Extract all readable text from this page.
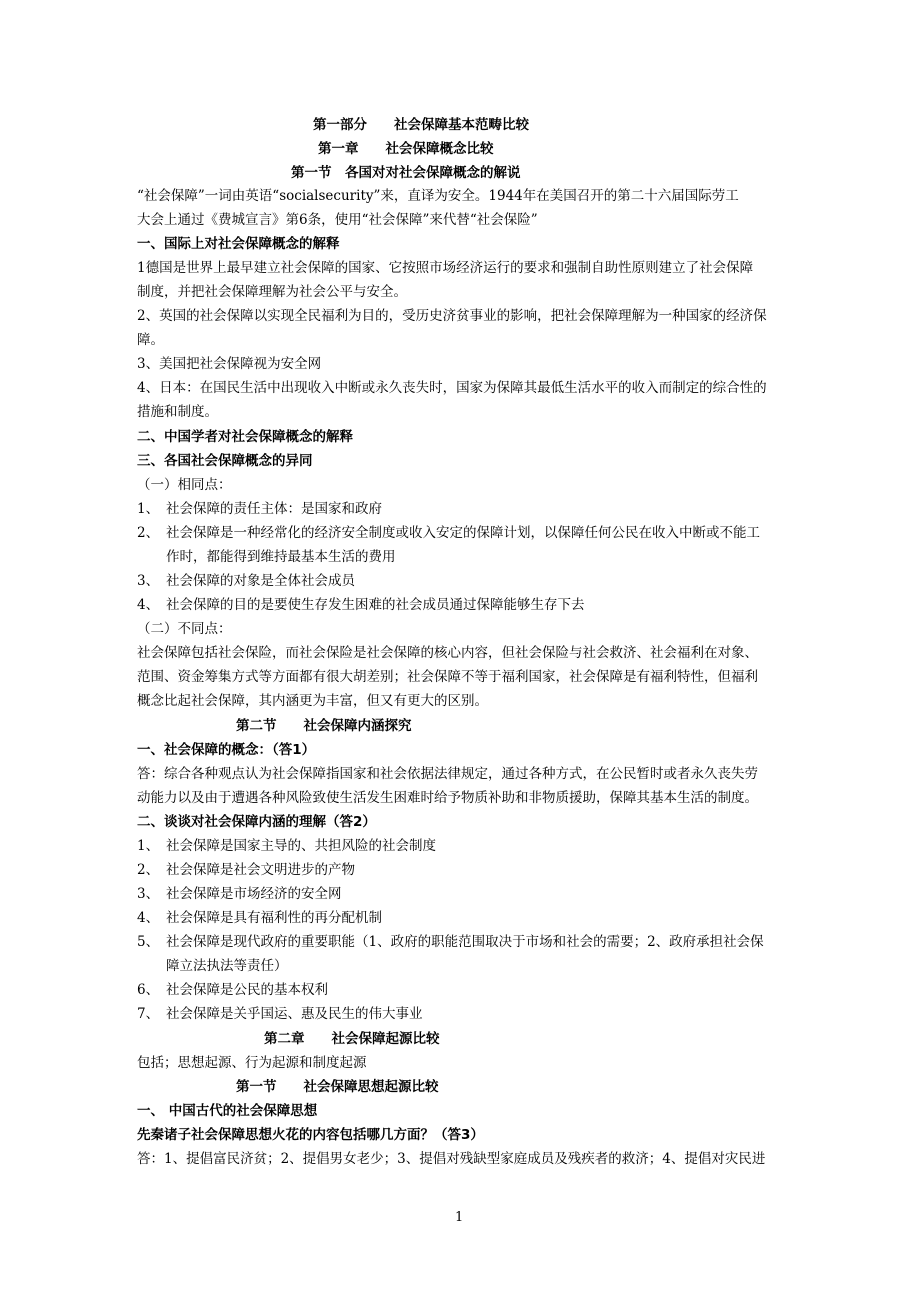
第一部分　　社会保障基本范畴比较
第一章　　社会保障概念比较
第一节　各国对对社会保障概念的解说
“社会保障”一词由英语“socialsecurity”来，直译为安全。1944年在美国召开的第二十六届国际劳工
大会上通过《费城宣言》第6条，使用“社会保障”来代替“社会保险”
一、国际上对社会保障概念的解释
1德国是世界上最早建立社会保障的国家、它按照市场经济运行的要求和强制自助性原则建立了社会保障
制度，并把社会保障理解为社会公平与安全。
2、英国的社会保障以实现全民福利为目的，受历史济贫事业的影响，把社会保障理解为一种国家的经济保
障。
3、美国把社会保障视为安全网
4、日本：在国民生活中出现收入中断或永久丧失时，国家为保障其最低生活水平的收入而制定的综合性的
措施和制度。
二、中国学者对社会保障概念的解释
三、各国社会保障概念的异同
（一）相同点：
1、 社会保障的责任主体：是国家和政府
2、 社会保障是一种经常化的经济安全制度或收入安定的保障计划，以保障任何公民在收入中断或不能工
作时，都能得到维持最基本生活的费用
3、 社会保障的对象是全体社会成员
4、 社会保障的目的是要使生存发生困难的社会成员通过保障能够生存下去
（二）不同点：
社会保障包括社会保险，而社会保险是社会保障的核心内容，但社会保险与社会救济、社会福利在对象、
范围、资金筹集方式等方面都有很大胡差别；社会保障不等于福利国家，社会保障是有福利特性，但福利
概念比起社会保障，其内涵更为丰富，但又有更大的区别。
第二节　　社会保障内涵探究
一、社会保障的概念：（答1）
答：综合各种观点认为社会保障指国家和社会依据法律规定，通过各种方式，在公民暂时或者永久丧失劳
动能力以及由于遭遇各种风险致使生活发生困难时给予物质补助和非物质援助，保障其基本生活的制度。
二、谈谈对社会保障内涵的理解（答2）
1、 社会保障是国家主导的、共担风险的社会制度
2、 社会保障是社会文明进步的产物
3、 社会保障是市场经济的安全网
4、 社会保障是具有福利性的再分配机制
5、 社会保障是现代政府的重要职能（1、政府的职能范围取决于市场和社会的需要；2、政府承担社会保
障立法执法等责任）
6、 社会保障是公民的基本权利
7、 社会保障是关乎国运、惠及民生的伟大事业
第二章　　社会保障起源比较
包括；思想起源、行为起源和制度起源
第一节　　社会保障思想起源比较
一、 中国古代的社会保障思想
先秦诸子社会保障思想火花的内容包括哪几方面？（答3）
答：1、提倡富民济贫；2、提倡男女老少；3、提倡对残缺型家庭成员及残疾者的救济；4、提倡对灾民进
1
